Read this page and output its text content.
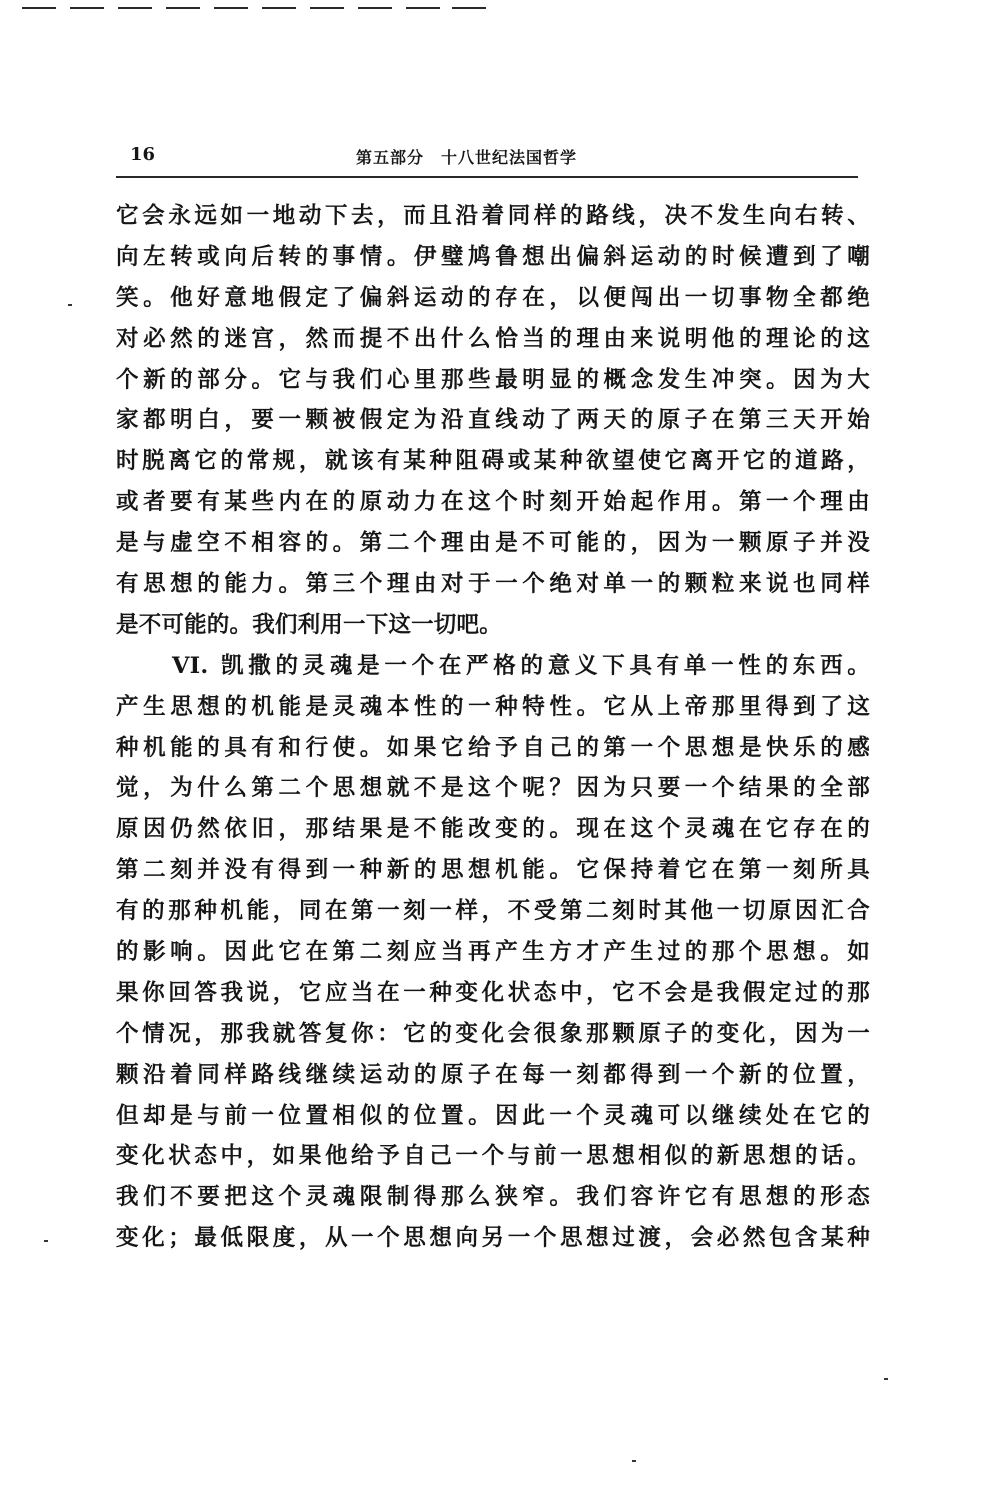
16	第五部分　十八世纪法国哲学
它会永远如一地动下去，而且沿着同样的路线，决不发生向右转、
向左转或向后转的事情。伊璧鸠鲁想出偏斜运动的时候遭到了嘲
笑。他好意地假定了偏斜运动的存在，以便闯出一切事物全都绝
对必然的迷宫，然而提不出什么恰当的理由来说明他的理论的这
个新的部分。它与我们心里那些最明显的概念发生冲突。因为大
家都明白，要一颗被假定为沿直线动了两天的原子在第三天开始
时脱离它的常规，就该有某种阻碍或某种欲望使它离开它的道路，
或者要有某些内在的原动力在这个时刻开始起作用。第一个理由
是与虚空不相容的。第二个理由是不可能的，因为一颗原子并没
有思想的能力。第三个理由对于一个绝对单一的颗粒来说也同样
是不可能的。我们利用一下这一切吧。
VI. 凯撒的灵魂是一个在严格的意义下具有单一性的东西。
产生思想的机能是灵魂本性的一种特性。它从上帝那里得到了这
种机能的具有和行使。如果它给予自己的第一个思想是快乐的感
觉，为什么第二个思想就不是这个呢？因为只要一个结果的全部
原因仍然依旧，那结果是不能改变的。现在这个灵魂在它存在的
第二刻并没有得到一种新的思想机能。它保持着它在第一刻所具
有的那种机能，同在第一刻一样，不受第二刻时其他一切原因汇合
的影响。因此它在第二刻应当再产生方才产生过的那个思想。如
果你回答我说，它应当在一种变化状态中，它不会是我假定过的那
个情况，那我就答复你：它的变化会很象那颗原子的变化，因为一
颗沿着同样路线继续运动的原子在每一刻都得到一个新的位置，
但却是与前一位置相似的位置。因此一个灵魂可以继续处在它的
变化状态中，如果他给予自己一个与前一思想相似的新思想的话。
我们不要把这个灵魂限制得那么狭窄。我们容许它有思想的形态
变化；最低限度，从一个思想向另一个思想过渡，会必然包含某种
